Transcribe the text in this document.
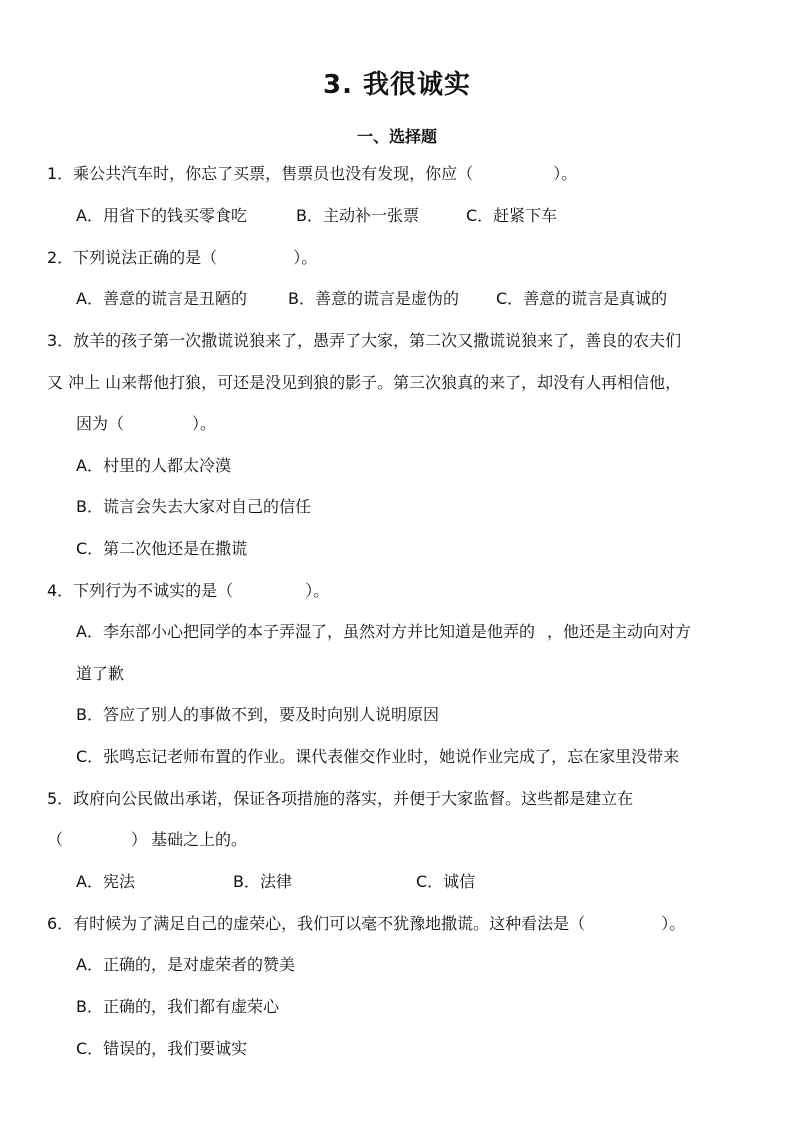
3. 我很诚实
一、选择题
1．乘公共汽车时，你忘了买票，售票员也没有发现，你应（	）。
A．用省下的钱买零食吃	B．主动补一张票	C．赶紧下车
2．下列说法正确的是（	）。
A．善意的谎言是丑陋的	B．善意的谎言是虚伪的 C．善意的谎言是真诚的
3．放羊的孩子第一次撒谎说狼来了，愚弄了大家，第二次又撒谎说狼来了，善良的农夫们
又 冲上 山来帮他打狼，可还是没见到狼的影子。第三次狼真的来了，却没有人再相信他，
因为（	）。
A．村里的人都太冷漠
B．谎言会失去大家对自己的信任
C．第二次他还是在撒谎
4．下列行为不诚实的是（	）。
A．李东部小心把同学的本子弄湿了，虽然对方并比知道是他弄的 ，他还是主动向对方
道了歉
B．答应了别人的事做不到，要及时向别人说明原因
C．张鸣忘记老师布置的作业。课代表催交作业时，她说作业完成了，忘在家里没带来
5．政府向公民做出承诺，保证各项措施的落实，并便于大家监督。这些都是建立在
（	） 基础之上的。
A．宪法	B．法律	C．诚信
6．有时候为了满足自己的虚荣心，我们可以毫不犹豫地撒谎。这种看法是（	）。
A．正确的，是对虚荣者的赞美
B．正确的，我们都有虚荣心
C．错误的，我们要诚实
